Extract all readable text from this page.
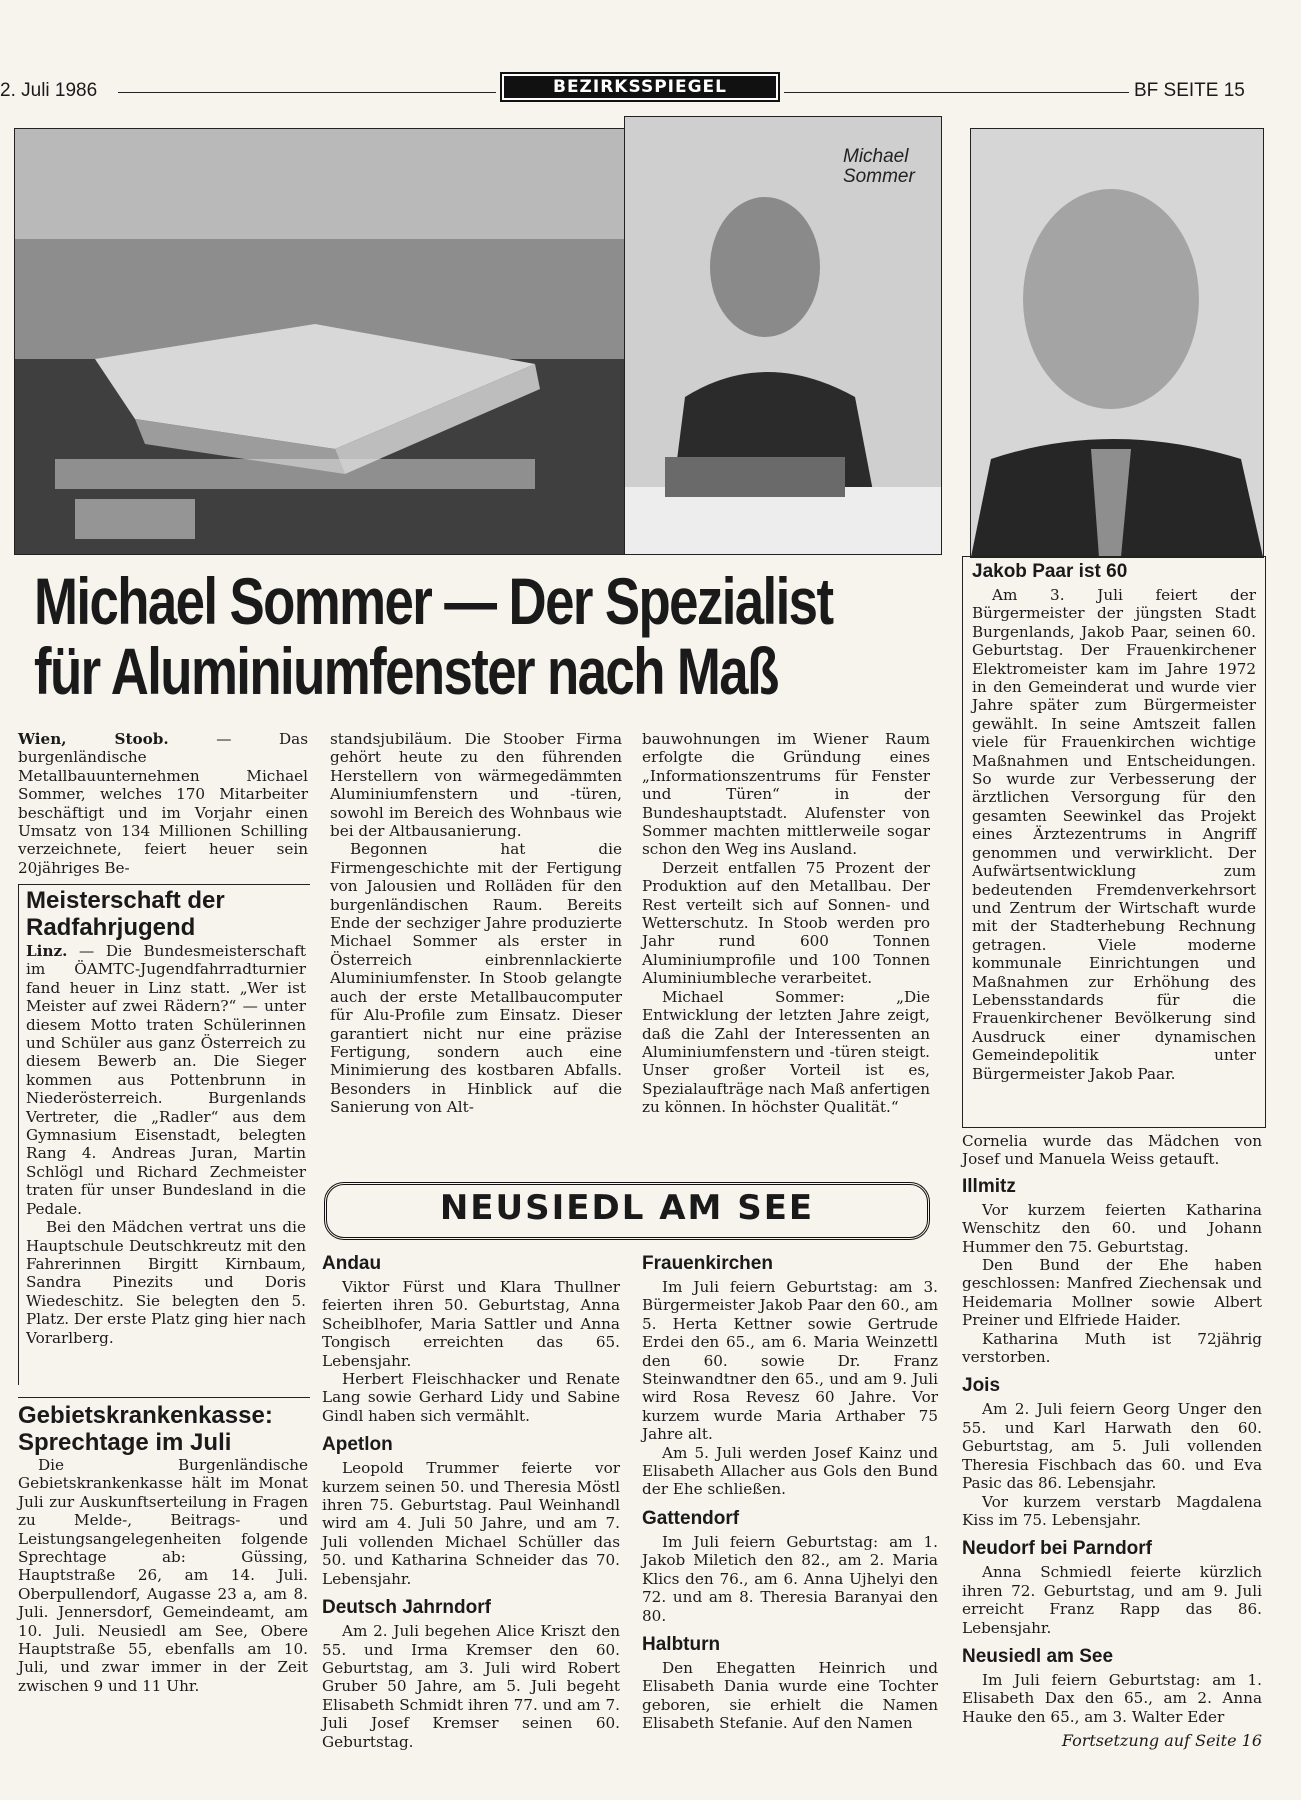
2. Juli 1986	BEZIRKSSPIEGEL	BF SEITE 15
Michael
Sommer
Michael Sommer — Der Spezialist
für Aluminiumfenster nach Maß

Wien, Stoob.	— Das burgenländische Metallbauunternehmen Michael Sommer, welches 170 Mitarbeiter beschäftigt und im Vorjahr einen Umsatz von 134 Millionen Schilling verzeichnete, feiert heuer sein 20jähriges Be-

standsjubiläum. Die Stoober Firma gehört heute zu den führenden Herstellern von wärmegedämmten Aluminiumfenstern und -türen, sowohl im Bereich des Wohnbaus wie bei der Altbausanierung.

Begonnen hat die Firmengeschichte mit der Fertigung von Jalousien und Rolläden für den burgenländischen Raum. Bereits Ende der sechziger Jahre produzierte Michael Sommer als erster in Österreich einbrennlackierte Aluminiumfenster. In Stoob gelangte auch der erste Metallbaucomputer für Alu-Profile zum Einsatz. Dieser garantiert nicht nur eine präzise Fertigung, sondern auch eine Minimierung des kostbaren Abfalls. Besonders in Hinblick auf die Sanierung von Alt-

bauwohnungen im Wiener Raum erfolgte die Gründung eines „Informationszentrums für Fenster und Türen“ in der Bundeshauptstadt. Alufenster von Sommer machten mittlerweile sogar schon den Weg ins Ausland.

Derzeit entfallen 75 Prozent der Produktion auf den Metallbau. Der Rest verteilt sich auf Sonnen- und Wetterschutz. In Stoob werden pro Jahr rund 600 Tonnen Aluminiumprofile und 100 Tonnen Aluminiumbleche verarbeitet.

Michael Sommer: „Die Entwicklung der letzten Jahre zeigt, daß die Zahl der Interessenten an Aluminiumfenstern und -türen steigt. Unser großer Vorteil ist es, Spezialaufträge nach Maß anfertigen zu können. In höchster Qualität.“

Jakob Paar ist 60

Am 3. Juli feiert der Bürgermeister der jüngsten Stadt Burgenlands, Jakob Paar, seinen 60. Geburtstag. Der Frauenkirchener Elektromeister kam im Jahre 1972 in den Gemeinderat und wurde vier Jahre später zum Bürgermeister gewählt. In seine Amtszeit fallen viele für Frauenkirchen wichtige Maßnahmen und Entscheidungen. So wurde zur Verbesserung der ärztlichen Versorgung für den gesamten Seewinkel das Projekt eines Ärztezentrums in Angriff genommen und verwirklicht. Der Aufwärtsentwicklung zum bedeutenden Fremdenverkehrsort und Zentrum der Wirtschaft wurde mit der Stadterhebung Rechnung getragen. Viele moderne kommunale Einrichtungen und Maßnahmen zur Erhöhung des Lebensstandards für die Frauenkirchener Bevölkerung sind Ausdruck einer dynamischen Gemeindepolitik unter Bürgermeister Jakob Paar.

Meisterschaft der
Radfahrjugend

Linz. — Die Bundesmeisterschaft im ÖAMTC-Jugendfahrradturnier fand heuer in Linz statt. „Wer ist Meister auf zwei Rädern?“ — unter diesem Motto traten Schülerinnen und Schüler aus ganz Österreich zu diesem Bewerb an. Die Sieger kommen aus Pottenbrunn in Niederösterreich. Burgenlands Vertreter, die „Radler“ aus dem Gymnasium Eisenstadt, belegten Rang 4. Andreas Juran, Martin Schlögl und Richard Zechmeister traten für unser Bundesland in die Pedale.

Bei den Mädchen vertrat uns die Hauptschule Deutschkreutz mit den Fahrerinnen Birgitt Kirnbaum, Sandra Pinezits und Doris Wiedeschitz. Sie belegten den 5. Platz. Der erste Platz ging hier nach Vorarlberg.

Gebietskrankenkasse:
Sprechtage im Juli

Die Burgenländische Gebietskrankenkasse hält im Monat Juli zur Auskunftserteilung in Fragen zu Melde-, Beitrags- und Leistungsangelegenheiten folgende Sprechtage ab: Güssing, Hauptstraße 26, am 14. Juli. Oberpullendorf, Augasse 23 a, am 8. Juli. Jennersdorf, Gemeindeamt, am 10. Juli. Neusiedl am See, Obere Hauptstraße 55, ebenfalls am 10. Juli, und zwar immer in der Zeit zwischen 9 und 11 Uhr.

NEUSIEDL AM SEE
Andau

Viktor Fürst und Klara Thullner feierten ihren 50. Geburtstag, Anna Scheiblhofer, Maria Sattler und Anna Tongisch erreichten das 65. Lebensjahr.

Herbert Fleischhacker und Renate Lang sowie Gerhard Lidy und Sabine Gindl haben sich vermählt.

Apetlon

Leopold Trummer feierte vor kurzem seinen 50. und Theresia Möstl ihren 75. Geburtstag. Paul Weinhandl wird am 4. Juli 50 Jahre, und am 7. Juli vollenden Michael Schüller das 50. und Katharina Schneider das 70. Lebensjahr.

Deutsch Jahrndorf

Am 2. Juli begehen Alice Kriszt den 55. und Irma Kremser den 60. Geburtstag, am 3. Juli wird Robert Gruber 50 Jahre, am 5. Juli begeht Elisabeth Schmidt ihren 77. und am 7. Juli Josef Kremser seinen 60. Geburtstag.

Frauenkirchen

Im Juli feiern Geburtstag: am 3. Bürgermeister Jakob Paar den 60., am 5. Herta Kettner sowie Gertrude Erdei den 65., am 6. Maria Weinzettl den 60. sowie Dr. Franz Steinwandtner den 65., und am 9. Juli wird Rosa Revesz 60 Jahre. Vor kurzem wurde Maria Arthaber 75 Jahre alt.

Am 5. Juli werden Josef Kainz und Elisabeth Allacher aus Gols den Bund der Ehe schließen.

Gattendorf

Im Juli feiern Geburtstag: am 1. Jakob Miletich den 82., am 2. Maria Klics den 76., am 6. Anna Ujhelyi den 72. und am 8. Theresia Baranyai den 80.

Halbturn

Den Ehegatten Heinrich und Elisabeth Dania wurde eine Tochter geboren, sie erhielt die Namen Elisabeth Stefanie. Auf den Namen

Cornelia wurde das Mädchen von Josef und Manuela Weiss getauft.

Illmitz

Vor kurzem feierten Katharina Wenschitz den 60. und Johann Hummer den 75. Geburtstag.

Den Bund der Ehe haben geschlossen: Manfred Ziechensak und Heidemaria Mollner sowie Albert Preiner und Elfriede Haider.

Katharina Muth ist 72jährig verstorben.

Jois

Am 2. Juli feiern Georg Unger den 55. und Karl Harwath den 60. Geburtstag, am 5. Juli vollenden Theresia Fischbach das 60. und Eva Pasic das 86. Lebensjahr.

Vor kurzem verstarb Magdalena Kiss im 75. Lebensjahr.

Neudorf bei Parndorf

Anna Schmiedl feierte kürzlich ihren 72. Geburtstag, und am 9. Juli erreicht Franz Rapp das 86. Lebensjahr.

Neusiedl am See

Im Juli feiern Geburtstag: am 1. Elisabeth Dax den 65., am 2. Anna Hauke den 65., am 3. Walter Eder

Fortsetzung auf Seite 16
